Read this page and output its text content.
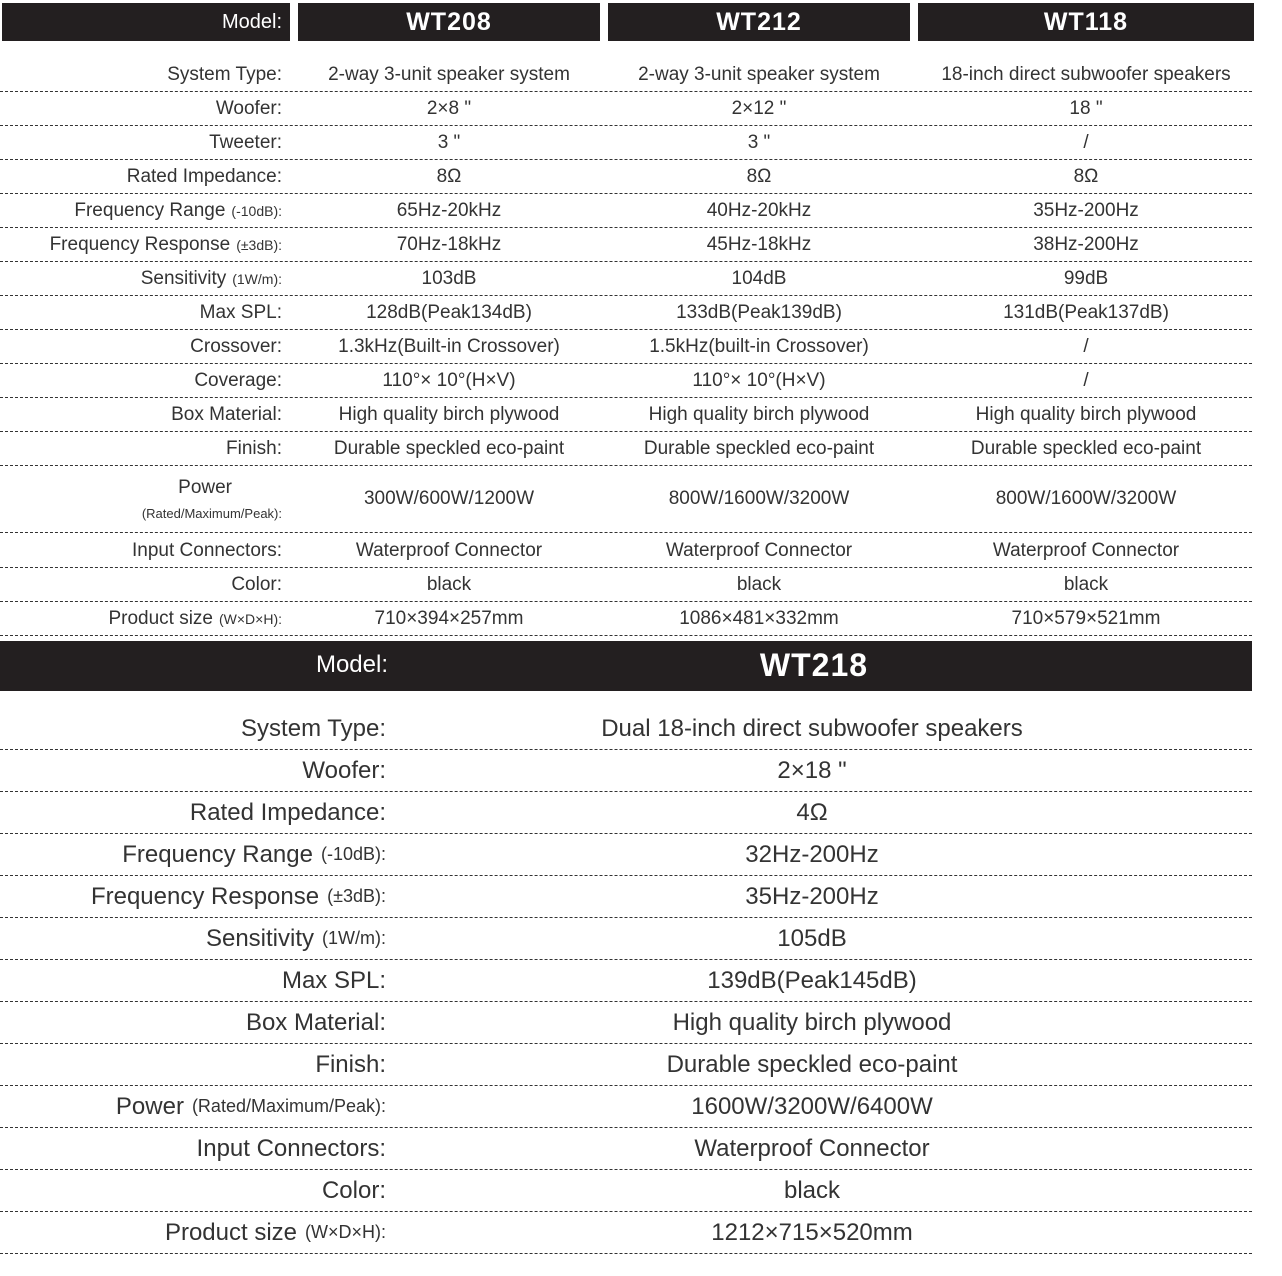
Model:	WT208	WT212	WT118
System Type:	2-way 3-unit speaker system	2-way 3-unit speaker system	18-inch direct subwoofer speakers
Woofer:	2×8 "	2×12 "	18 "
Tweeter:	3 "	3 "	/
Rated Impedance:	8Ω	8Ω	8Ω
Frequency Range (-10dB):	65Hz-20kHz	40Hz-20kHz	35Hz-200Hz
Frequency Response (±3dB):	70Hz-18kHz	45Hz-18kHz	38Hz-200Hz
Sensitivity (1W/m):	103dB	104dB	99dB
Max SPL:	128dB(Peak134dB)	133dB(Peak139dB)	131dB(Peak137dB)
Crossover:	1.3kHz(Built-in Crossover)	1.5kHz(built-in Crossover)	/
Coverage:	110°× 10°(H×V)	110°× 10°(H×V)	/
Box Material:	High quality birch plywood	High quality birch plywood	High quality birch plywood
Finish:	Durable speckled eco-paint	Durable speckled eco-paint	Durable speckled eco-paint
Power
(Rated/Maximum/Peak):
300W/600W/1200W	800W/1600W/3200W	800W/1600W/3200W
Input Connectors:	Waterproof Connector	Waterproof Connector	Waterproof Connector
Color:	black	black	black
Product size (W×D×H):	710×394×257mm	1086×481×332mm	710×579×521mm
Model:	WT218
System Type:	Dual 18-inch direct subwoofer speakers
Woofer:	2×18 "
Rated Impedance:	4Ω
Frequency Range (-10dB):	32Hz-200Hz
Frequency Response (±3dB):	35Hz-200Hz
Sensitivity (1W/m):	105dB
Max SPL:	139dB(Peak145dB)
Box Material:	High quality birch plywood
Finish:	Durable speckled eco-paint
Power (Rated/Maximum/Peak):	1600W/3200W/6400W
Input Connectors:	Waterproof Connector
Color:	black
Product size (W×D×H):	1212×715×520mm
